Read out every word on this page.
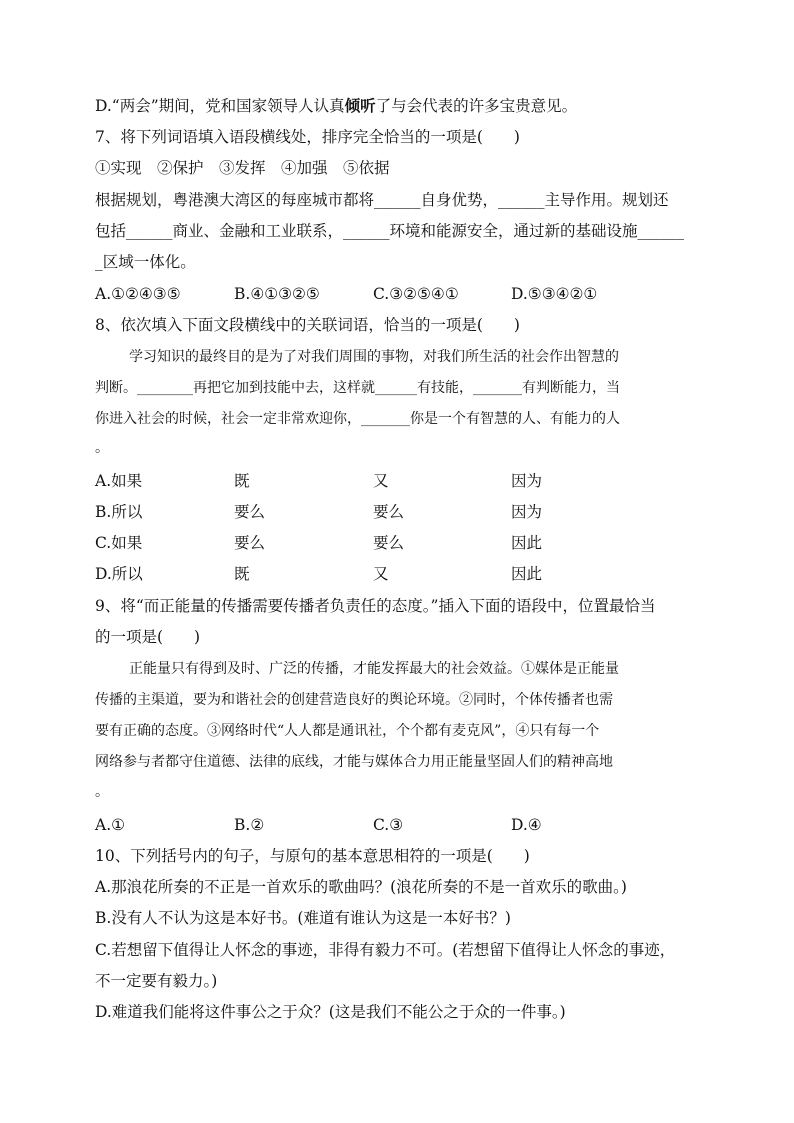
D.“两会”期间，党和国家领导人认真倾听了与会代表的许多宝贵意见。
7、将下列词语填入语段横线处，排序完全恰当的一项是(　　)
①实现　②保护　③发挥　④加强　⑤依据
根据规划，粤港澳大湾区的每座城市都将______自身优势，______主导作用。规划还
包括______商业、金融和工业联系，______环境和能源安全，通过新的基础设施______
_区域一体化。
A.①②④③⑤	B.④①③②⑤	C.③②⑤④①	D.⑤③④②①
8、依次填入下面文段横线中的关联词语，恰当的一项是(　　)
学习知识的最终目的是为了对我们周围的事物，对我们所生活的社会作出智慧的
判断。________再把它加到技能中去，这样就______有技能，_______有判断能力，当
你进入社会的时候，社会一定非常欢迎你，_______你是一个有智慧的人、有能力的人
。
A.如果	既	又	因为
B.所以	要么	要么	因为
C.如果	要么	要么	因此
D.所以	既	又	因此
9、将“而正能量的传播需要传播者负责任的态度。”插入下面的语段中，位置最恰当
的一项是(　　)
正能量只有得到及时、广泛的传播，才能发挥最大的社会效益。①媒体是正能量
传播的主渠道，要为和谐社会的创建营造良好的舆论环境。②同时，个体传播者也需
要有正确的态度。③网络时代“人人都是通讯社，个个都有麦克风”，④只有每一个
网络参与者都守住道德、法律的底线，才能与媒体合力用正能量坚固人们的精神高地
。
A.①	B.②	C.③	D.④
10、下列括号内的句子，与原句的基本意思相符的一项是(　　)
A.那浪花所奏的不正是一首欢乐的歌曲吗？(浪花所奏的不是一首欢乐的歌曲。)
B.没有人不认为这是本好书。(难道有谁认为这是一本好书？)
C.若想留下值得让人怀念的事迹，非得有毅力不可。(若想留下值得让人怀念的事迹，
不一定要有毅力。)
D.难道我们能将这件事公之于众？(这是我们不能公之于众的一件事。)
